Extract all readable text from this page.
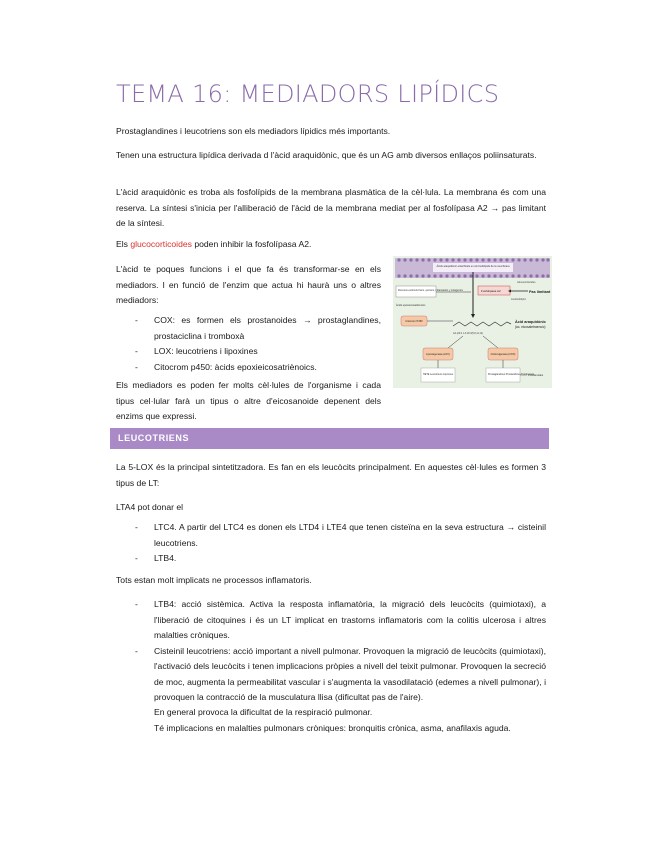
TEMA 16: MEDIADORS LIPÍDICS

Prostaglandines i leucotriens son els mediadors lípidics més importants.

Tenen una estructura lipídica derivada d l'àcid araquidònic, que és un AG amb diversos enllaços poliinsaturats.

L'àcid araquidònic es troba als fosfolípids de la membrana plasmàtica de la cèl·lula. La membrana és com una reserva. La síntesi s'inicia per l'alliberació de l'àcid de la membrana mediat per al fosfolípasa A2 → pas limitant de la síntesi.

Els glucocorticoides poden inhibir la fosfolípasa A2.

L'àcid te poques funcions i el que fa és transformar-se en els mediadors. I en funció de l'enzim que actua hi haurà uns o altres mediadors:

- COX: es formen els prostanoides → prostaglandines, prostaciclina i tromboxà
- LOX: leucotriens i lipoxines
- Citocrom p450: àcids epoxieicosatriènoics.

Els mediadors es poden fer molts cèl·lules de l'organisme i cada tipus cel·lular farà un tipus o altre d'eicosanoide depenent dels enzims que expressi.

Àcids araquidònic esterificats en els fosfolípids de la membrana
Diversos estímuls físics, químics, inflamatoris y mitogènics	Fosfolipasa A2	Pas limitant
Glucocorticoides
Lisofosfolípid
Àcids epoxieicosatriènoics
Citocrom P450
AA (20:4 n-6 20:4(5,8,11,14)
Àcid araquidònic
(àc. eicosatetraenoic)
Lipooxigenasa (LOX)	Ciclooxigenasa (COX)
HETE Leucotriens Lipoxines	Prostaglandines Prostaciclines Tromboxans
Prostanoides
LEUCOTRIENS

La 5-LOX és la principal sintetitzadora. Es fan en els leucòcits principalment. En aquestes cèl·lules es formen 3 tipus de LT:

LTA4 pot donar el

- LTC4. A partir del LTC4 es donen els LTD4 i LTE4 que tenen cisteïna en la seva estructura → cisteinil leucotriens.
- LTB4.

Tots estan molt implicats ne processos inflamatoris.

- LTB4: acció sistèmica. Activa la resposta inflamatòria, la migració dels leucòcits (quimiotaxi), a l'liberació de citoquines i és un LT implicat en trastorns inflamatoris com la colitis ulcerosa i altres malalties cròniques.
- Cisteinil leucotriens: acció important a nivell pulmonar. Provoquen la migració de leucòcits (quimiotaxi), l'activació dels leucòcits i tenen implicacions pròpies a nivell del teixit pulmonar. Provoquen la secreció de moc, augmenta la permeabilitat vascular i s'augmenta la vasodilatació (edemes a nivell pulmonar), i provoquen la contracció de la musculatura llisa (dificultat pas de l'aire).

En general provoca la dificultat de la respiració pulmonar.

Té implicacions en malalties pulmonars cròniques: bronquitis crònica, asma, anafilaxis aguda.
